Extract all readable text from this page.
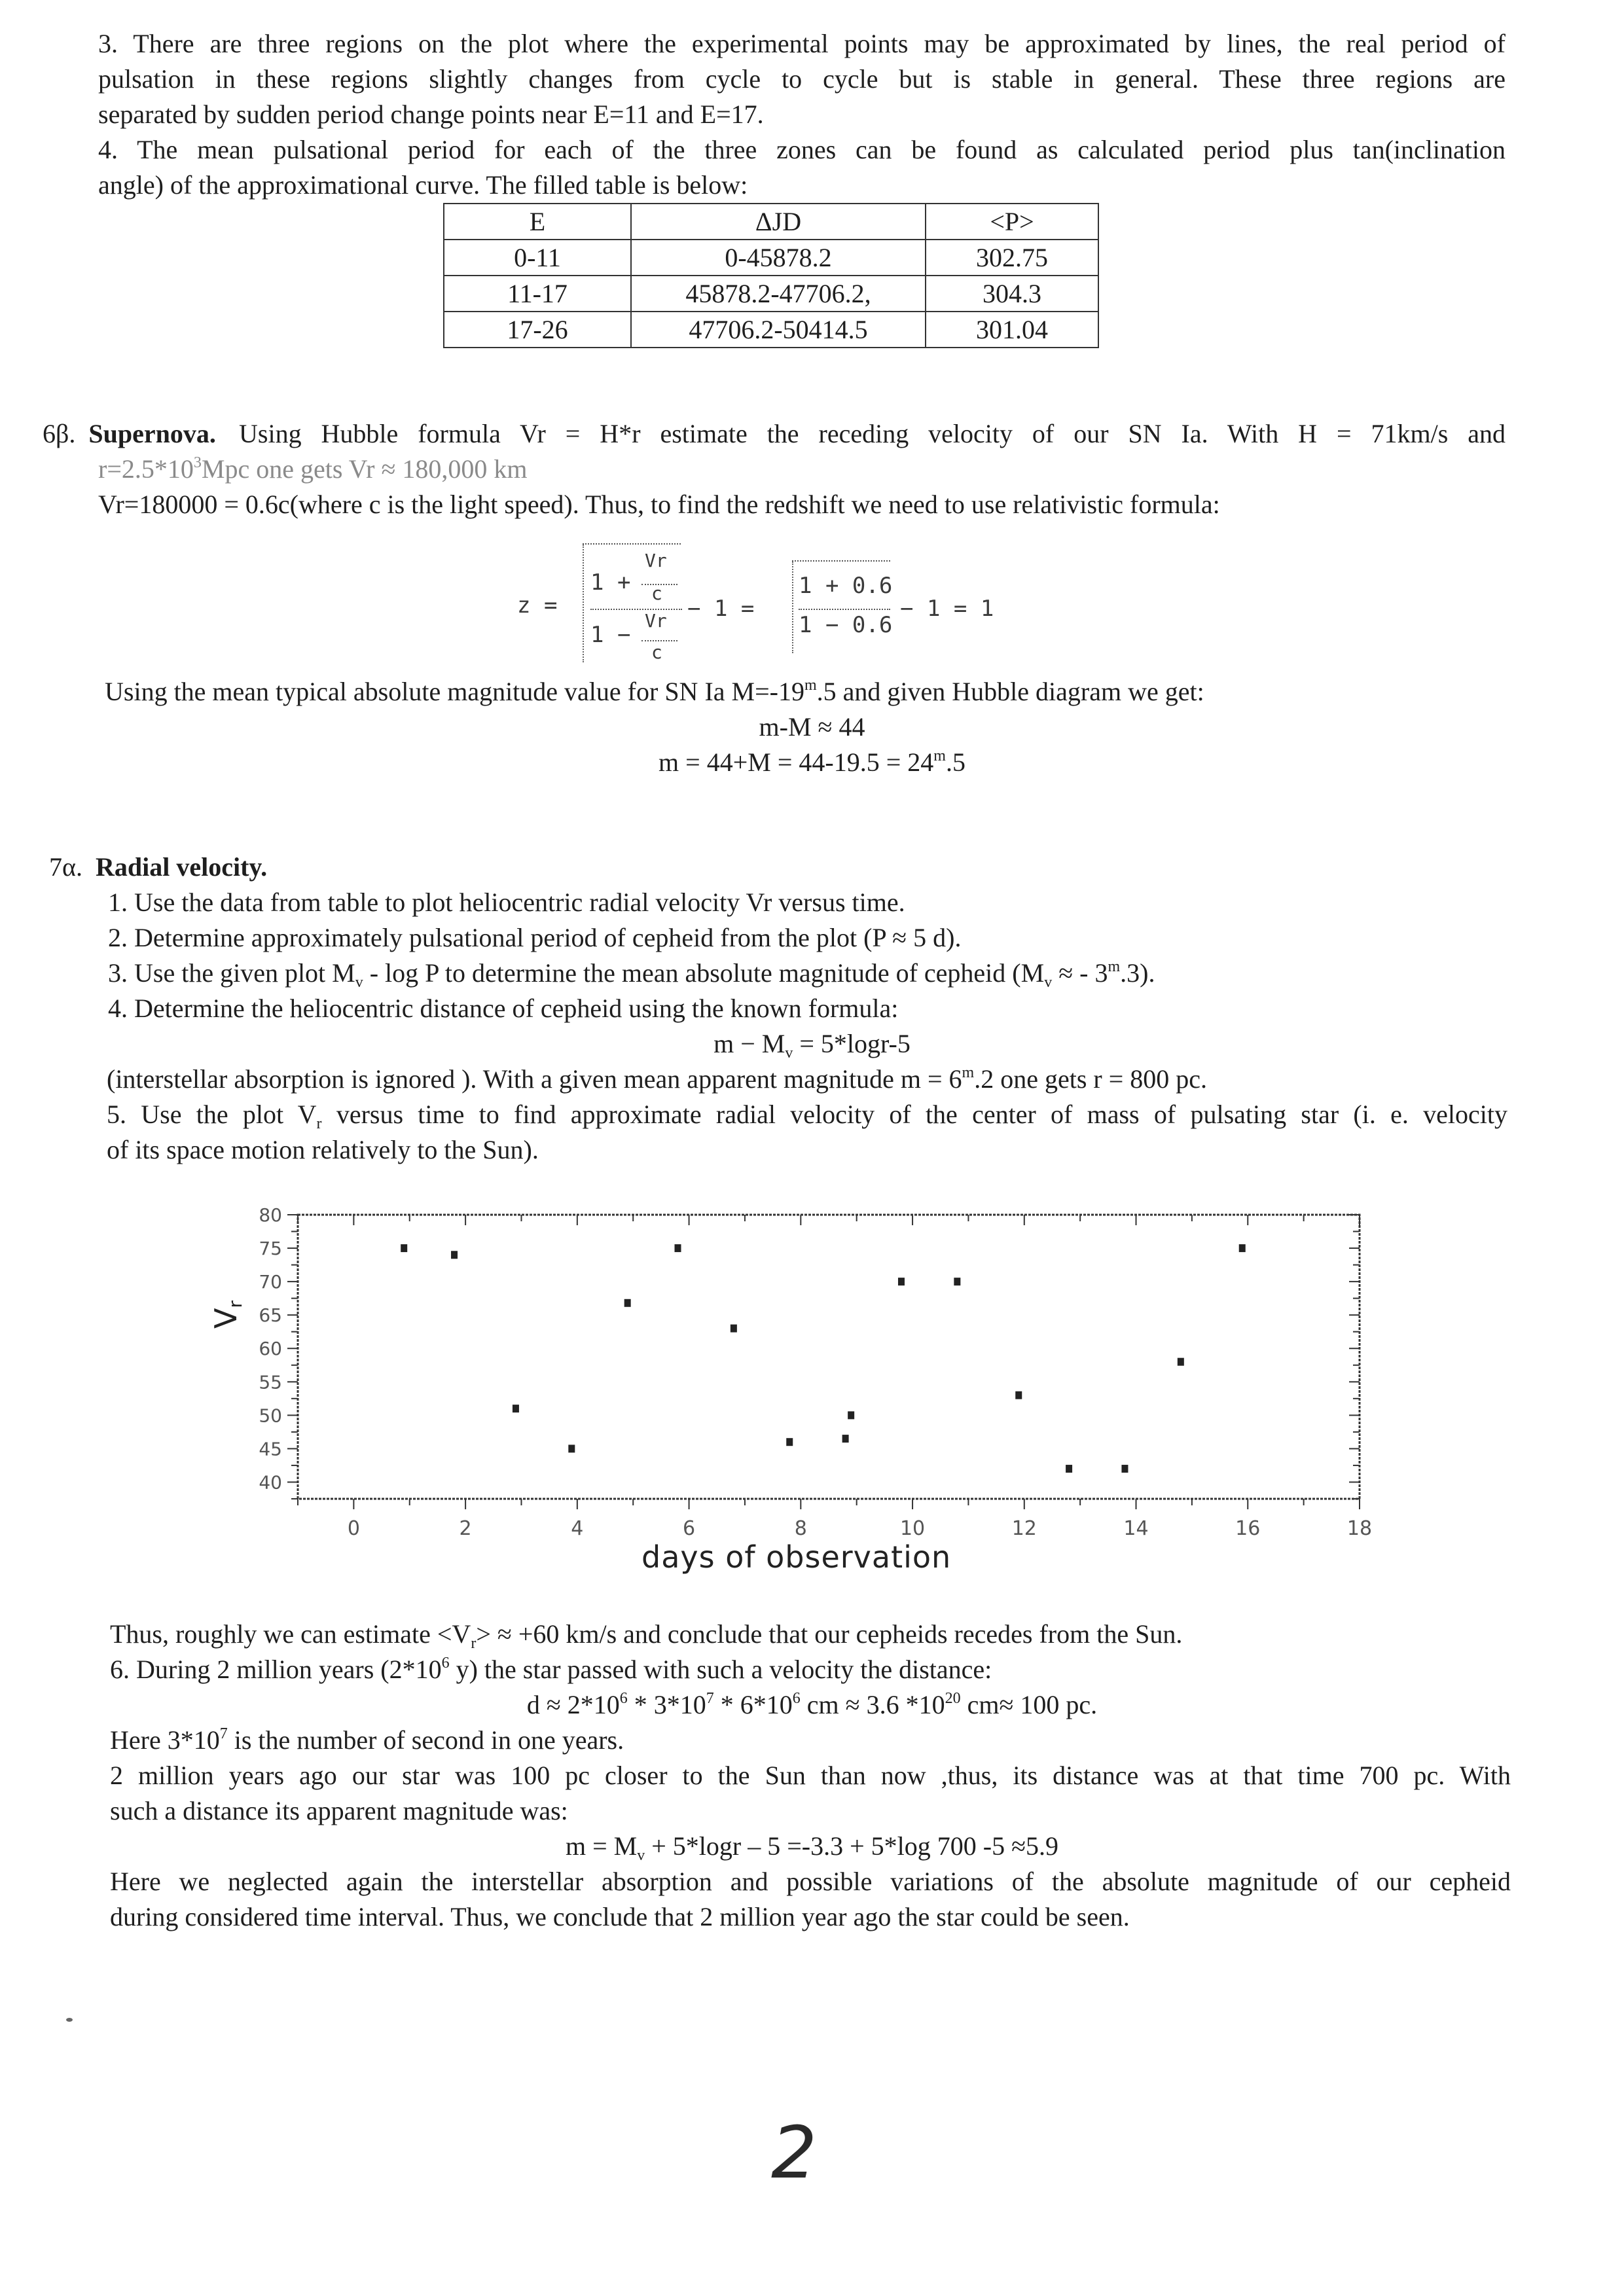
3. There are three regions on the plot where the experimental points may be approximated by lines, the real period of
pulsation in these regions slightly changes from cycle to cycle but is stable in general. These three regions are
separated by sudden period change points near E=11 and E=17.
4. The mean pulsational period for each of the three zones can be found as calculated period plus tan(inclination
angle) of the approximational curve. The filled table is below:
E	ΔJD	<P>
0-11	0-45878.2	302.75
11-17	45878.2-47706.2,	304.3
17-26	47706.2-50414.5	301.04
6β. Supernova. Using Hubble formula Vr = H*r estimate the receding velocity of our SN Ia. With H = 71km/s and
$r=2.5*10^3Mpc$ one gets Vr ≈ 180,000 km
Vr=180000 = 0.6c(where c is the light speed). Thus, to find the redshift we need to use relativistic formula:
z =
1 +
Vr
c
Vr
1 −
c
− 1 =
1 + 0.6
1 − 0.6
− 1 = 1
Using the mean typical absolute magnitude value for SN Ia $M=-19^m.5$ and given Hubble diagram we get:
m-M ≈ 44
$m = 44+M = 44-19.5 = 24^m.5$
7α. Radial velocity.
1. Use the data from table to plot heliocentric radial velocity Vr versus time.
2. Determine approximately pulsational period of cepheid from the plot (P ≈ 5 d).
3. Use the given plot $M_v$ - log P to determine the mean absolute magnitude of cepheid ($M_v$ ≈ - 3$^m$.3).
4. Determine the heliocentric distance of cepheid using the known formula:
$m - M_v = 5*\log r-5$
(interstellar absorption is ignored ). With a given mean apparent magnitude $m = 6^m.2$ one gets r = 800 pc.
5. Use the plot $V_r$ versus time to find approximate radial velocity of the center of mass of pulsating star (i. e. velocity
of its space motion relatively to the Sun).
0	2	4	6	8	10	12	14	16	18
40
45
50
55
60
65
70
75
80
$V_r$
days of observation
Thus, roughly we can estimate $<V_r> \approx +60$ km/s and conclude that our cepheids recedes from the Sun.
6. During 2 million years ($2*10^6$ y) the star passed with such a velocity the distance:
$d \approx 2*10^6 * 3*10^7 * 6*10^6$ cm ≈ 3.6 $*10^{20}$ cm≈ 100 pc.
Here $3*10^7$ is the number of second in one years.
2 million years ago our star was 100 pc closer to the Sun than now ,thus, its distance was at that time 700 pc. With
such a distance its apparent magnitude was:
$m = M_v + 5*\log r - 5 =-3.3 + 5*\log$ 700 -5 ≈5.9
Here we neglected again the interstellar absorption and possible variations of the absolute magnitude of our cepheid
during considered time interval. Thus, we conclude that 2 million year ago the star could be seen.
2
